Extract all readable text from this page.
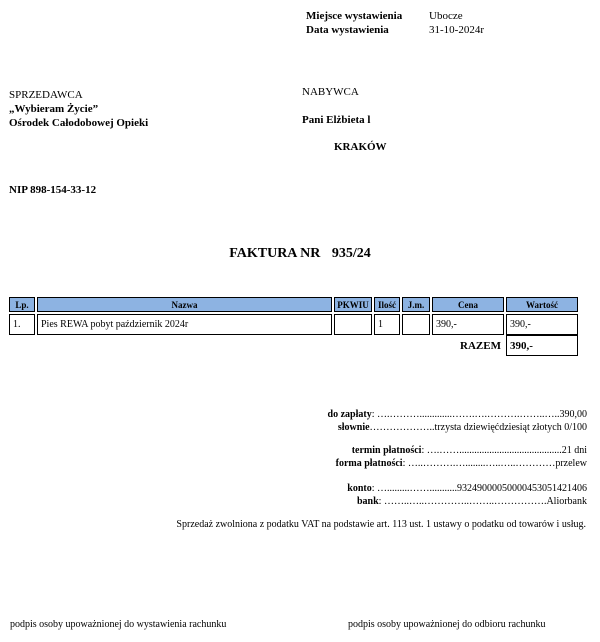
Miejsce wystawienia	Ubocze
Data wystawienia	31-10-2024r
SPRZEDAWCA
„Wybieram Życie”
Ośrodek Całodobowej Opieki
NABYWCA
Pani Elżbieta l
KRAKÓW
NIP 898-154-33-12
FAKTURA NR 935/24
Lp.	Nazwa	PKWIU	Ilość	J.m.	Cena	Wartość

1.	Pies REWA pobyt październik 2024r		1		390,-	390,-
RAZEM						390,-
do zapłaty: ….……….............…….….……….……..…..390,00
słownie………………..trzysta dziewięćdziesiąt złotych 0/100
termin płatności: ….…….........................................21 dni
forma płatności: …..……….…........…..…..…………przelew
konto: ….........……...........93249000050000453051421406
bank: ……..…..…………..……..…………….Aliorbank
Sprzedaż zwolniona z podatku VAT na podstawie art. 113 ust. 1 ustawy o podatku od towarów i usług.
podpis osoby upoważnionej do wystawienia rachunku	podpis osoby upoważnionej do odbioru rachunku
